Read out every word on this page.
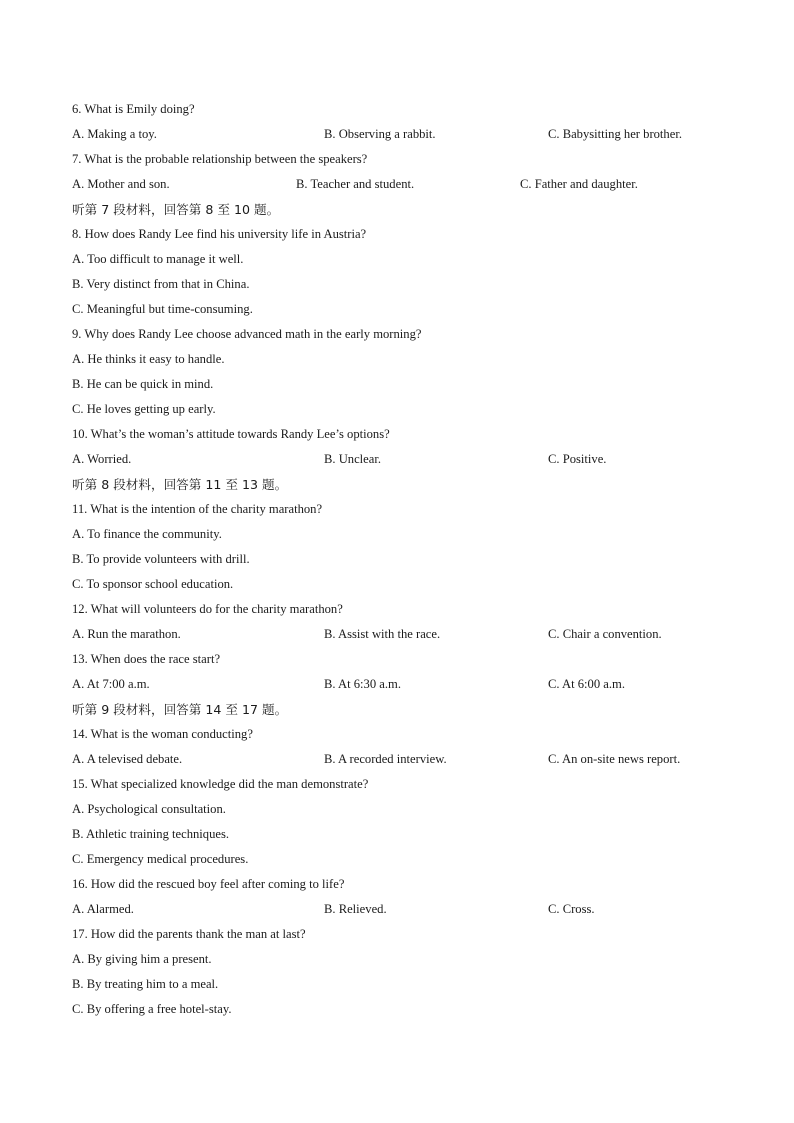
6. What is Emily doing?
A. Making a toy.	B. Observing a rabbit.	C. Babysitting her brother.
7. What is the probable relationship between the speakers?
A. Mother and son.	B. Teacher and student.	C. Father and daughter.
听第 7 段材料，回答第 8 至 10 题。
8. How does Randy Lee find his university life in Austria?
A. Too difficult to manage it well.
B. Very distinct from that in China.
C. Meaningful but time-consuming.
9. Why does Randy Lee choose advanced math in the early morning?
A. He thinks it easy to handle.
B. He can be quick in mind.
C. He loves getting up early.
10. What’s the woman’s attitude towards Randy Lee’s options?
A. Worried.	B. Unclear.	C. Positive.
听第 8 段材料，回答第 11 至 13 题。
11. What is the intention of the charity marathon?
A. To finance the community.
B. To provide volunteers with drill.
C. To sponsor school education.
12. What will volunteers do for the charity marathon?
A. Run the marathon.	B. Assist with the race.	C. Chair a convention.
13. When does the race start?
A. At 7:00 a.m.	B. At 6:30 a.m.	C. At 6:00 a.m.
听第 9 段材料，回答第 14 至 17 题。
14. What is the woman conducting?
A. A televised debate.	B. A recorded interview.	C. An on-site news report.
15. What specialized knowledge did the man demonstrate?
A. Psychological consultation.
B. Athletic training techniques.
C. Emergency medical procedures.
16. How did the rescued boy feel after coming to life?
A. Alarmed.	B. Relieved.	C. Cross.
17. How did the parents thank the man at last?
A. By giving him a present.
B. By treating him to a meal.
C. By offering a free hotel-stay.
